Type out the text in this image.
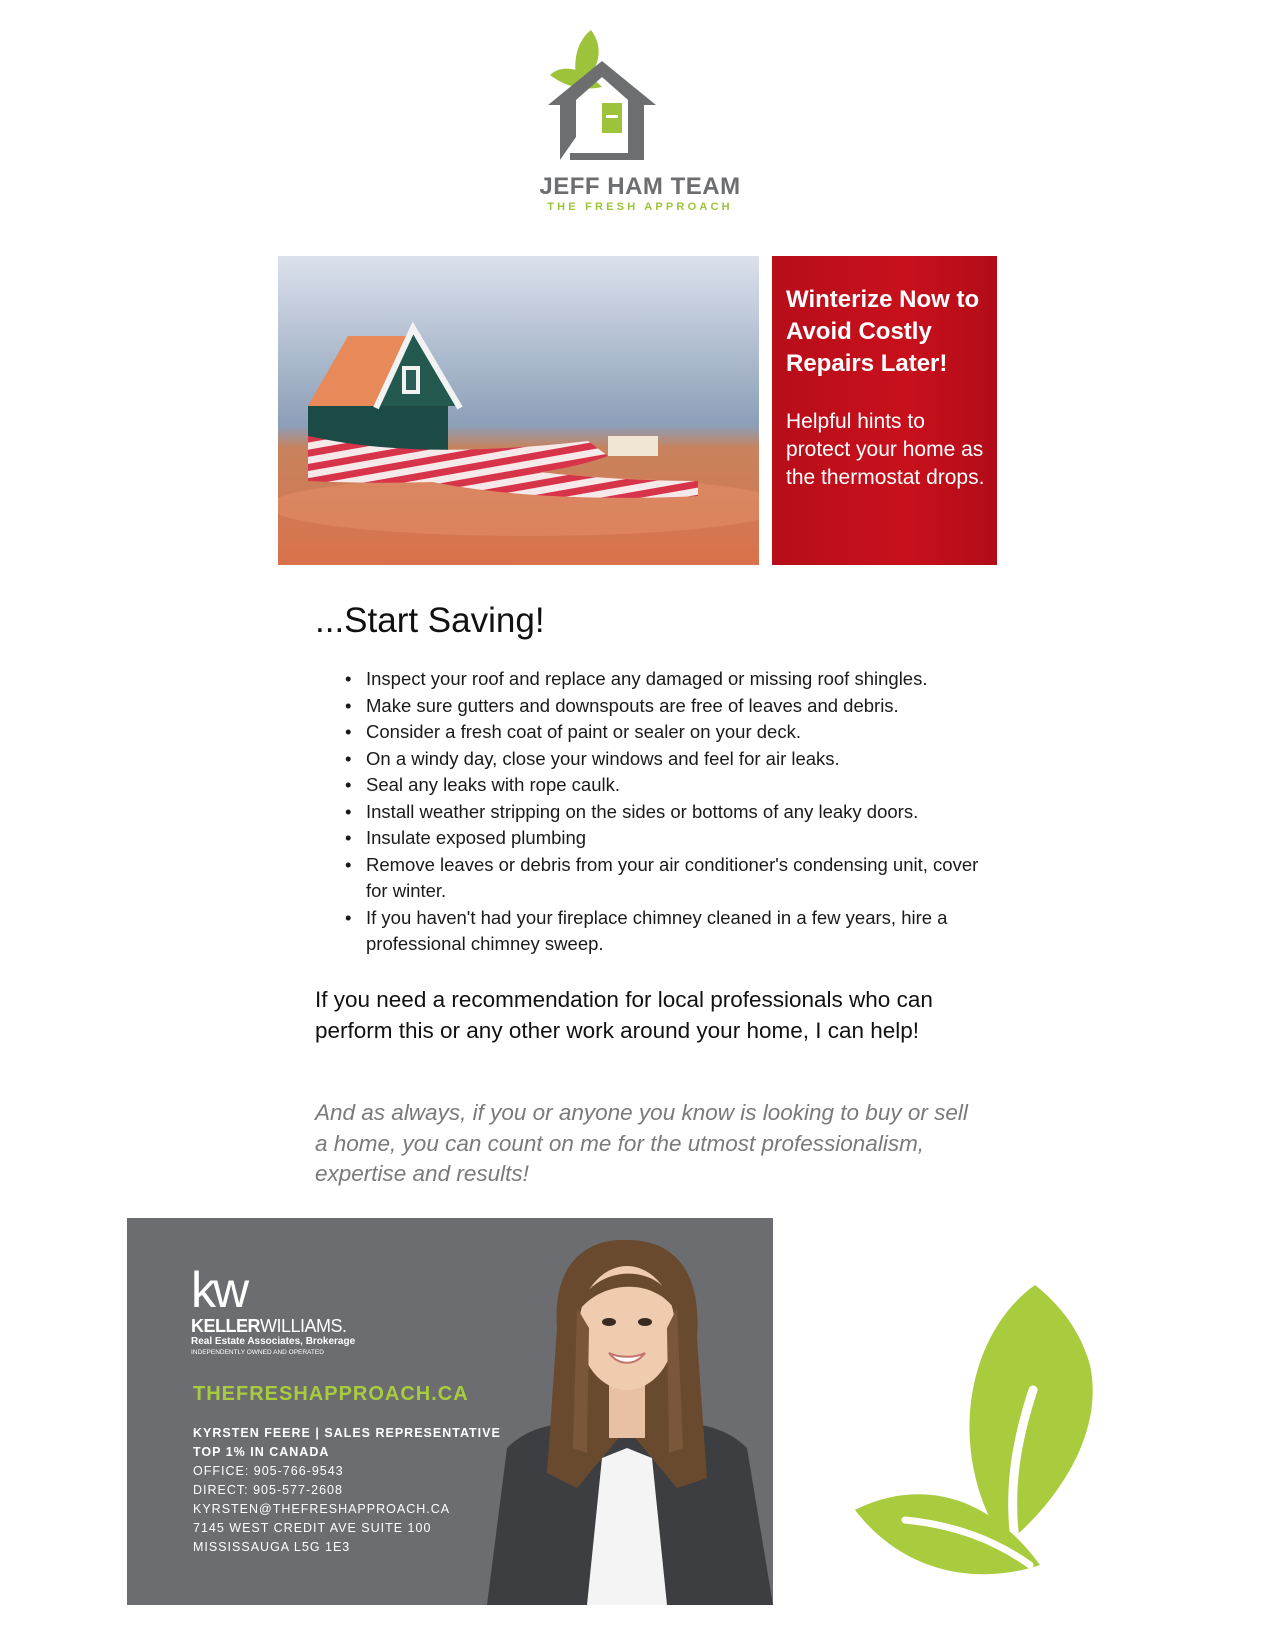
JEFF HAM TEAM
THE FRESH APPROACH
Winterize Now to Avoid Costly Repairs Later!
Helpful hints to protect your home as the thermostat drops.
...Start Saving!
• Inspect your roof and replace any damaged or missing roof shingles.
• Make sure gutters and downspouts are free of leaves and debris.
• Consider a fresh coat of paint or sealer on your deck.
• On a windy day, close your windows and feel for air leaks.
• Seal any leaks with rope caulk.
• Install weather stripping on the sides or bottoms of any leaky doors.
• Insulate exposed plumbing
• Remove leaves or debris from your air conditioner's condensing unit, cover for winter.
• If you haven't had your fireplace chimney cleaned in a few years, hire a professional chimney sweep.
If you need a recommendation for local professionals who can perform this or any other work around your home, I can help!
And as always, if you or anyone you know is looking to buy or sell a home, you can count on me for the utmost professionalism, expertise and results!
kw
KELLERWILLIAMS.
Real Estate Associates, Brokerage
INDEPENDENTLY OWNED AND OPERATED
THEFRESHAPPROACH.CA
KYRSTEN FEERE | SALES REPRESENTATIVE
TOP 1% IN CANADA
OFFICE: 905-766-9543
DIRECT: 905-577-2608
KYRSTEN@THEFRESHAPPROACH.CA
7145 WEST CREDIT AVE SUITE 100
MISSISSAUGA L5G 1E3
